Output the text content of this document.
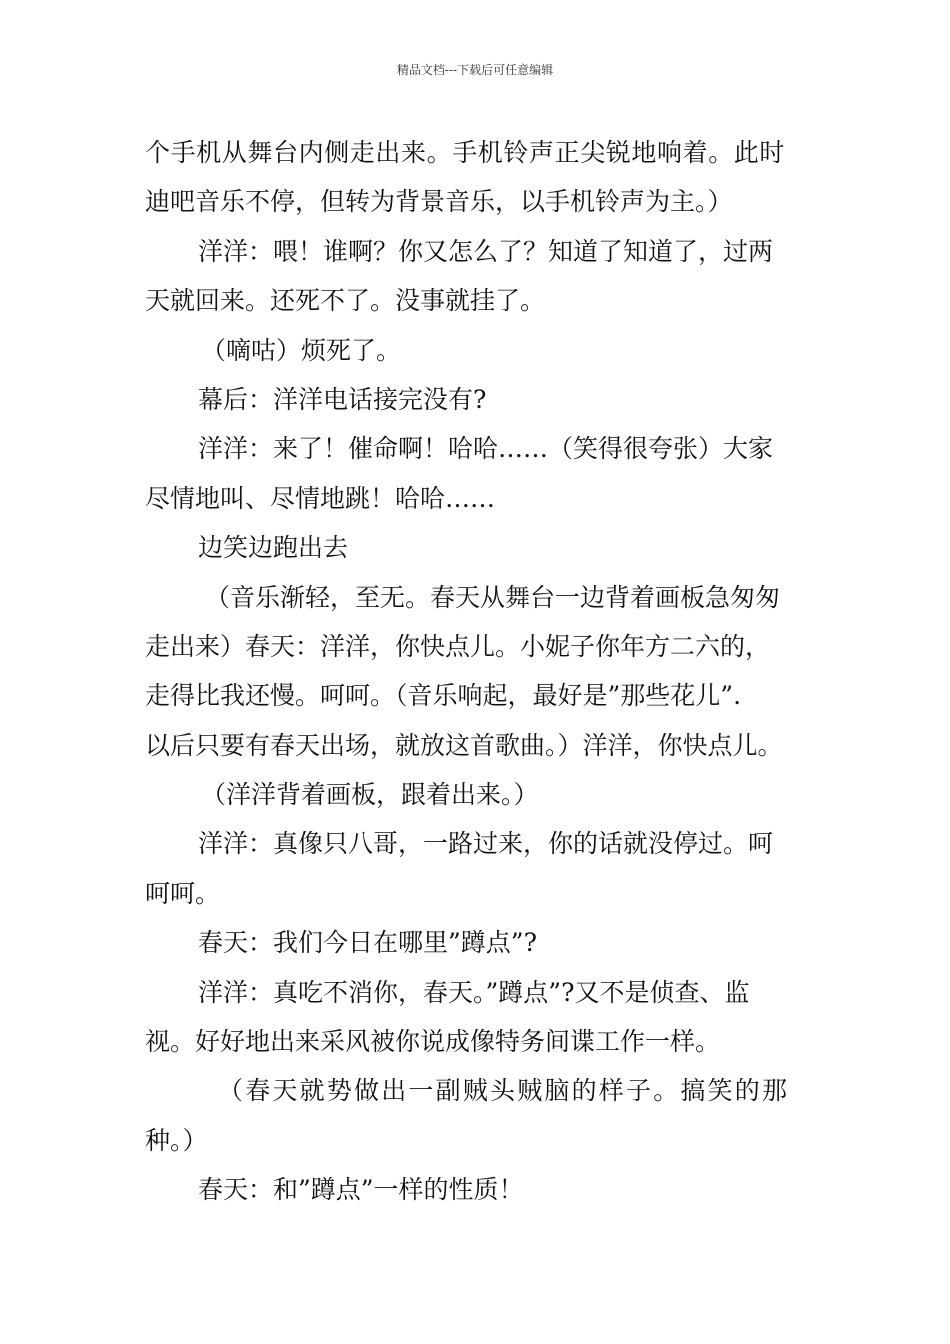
精品文档---下载后可任意编辑
个手机从舞台内侧走出来。手机铃声正尖锐地响着。此时
迪吧音乐不停，但转为背景音乐，以手机铃声为主。）
洋洋：喂！谁啊？你又怎么了？知道了知道了，过两
天就回来。还死不了。没事就挂了。
（嘀咕）烦死了。
幕后：洋洋电话接完没有?
洋洋：来了！催命啊！哈哈……（笑得很夸张）大家
尽情地叫、尽情地跳！哈哈……
边笑边跑出去
（音乐渐轻，至无。春天从舞台一边背着画板急匆匆
走出来）春天：洋洋，你快点儿。小妮子你年方二六的，
走得比我还慢。呵呵。（音乐响起，最好是”那些花儿”.
以后只要有春天出场，就放这首歌曲。）洋洋，你快点儿。
（洋洋背着画板，跟着出来。）
洋洋：真像只八哥，一路过来，你的话就没停过。呵
呵呵。
春天：我们今日在哪里”蹲点”?
洋洋：真吃不消你，春天。”蹲点”?又不是侦查、监
视。好好地出来采风被你说成像特务间谍工作一样。
（春天就势做出一副贼头贼脑的样子。搞笑的那
种。）
春天：和”蹲点”一样的性质！
